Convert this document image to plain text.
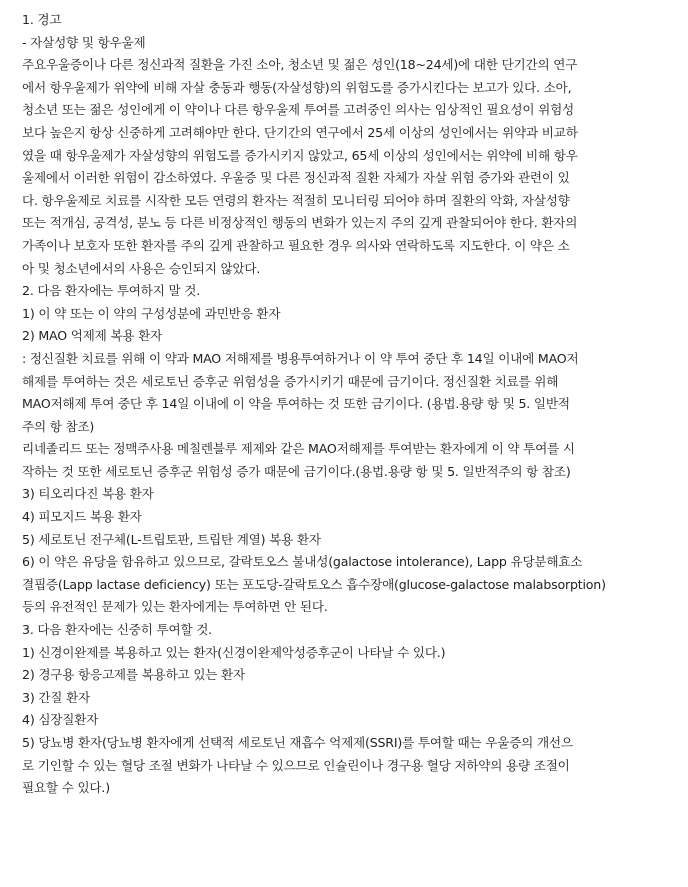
1. 경고
- 자살성향 및 항우울제
주요우울증이나 다른 정신과적 질환을 가진 소아, 청소년 및 젊은 성인(18~24세)에 대한 단기간의 연구
에서 항우울제가 위약에 비해 자살 충동과 행동(자살성향)의 위험도를 증가시킨다는 보고가 있다. 소아,
청소년 또는 젊은 성인에게 이 약이나 다른 항우울제 투여를 고려중인 의사는 임상적인 필요성이 위험성
보다 높은지 항상 신중하게 고려해야만 한다. 단기간의 연구에서 25세 이상의 성인에서는 위약과 비교하
였을 때 항우울제가 자살성향의 위험도를 증가시키지 않았고, 65세 이상의 성인에서는 위약에 비해 항우
울제에서 이러한 위험이 감소하였다. 우울증 및 다른 정신과적 질환 자체가 자살 위험 증가와 관련이 있
다. 항우울제로 치료를 시작한 모든 연령의 환자는 적절히 모니터링 되어야 하며 질환의 악화, 자살성향
또는 적개심, 공격성, 분노 등 다른 비정상적인 행동의 변화가 있는지 주의 깊게 관찰되어야 한다. 환자의
가족이나 보호자 또한 환자를 주의 깊게 관찰하고 필요한 경우 의사와 연락하도록 지도한다. 이 약은 소
아 및 청소년에서의 사용은 승인되지 않았다.
2. 다음 환자에는 투여하지 말 것.
1) 이 약 또는 이 약의 구성성분에 과민반응 환자
2) MAO 억제제 복용 환자
: 정신질환 치료를 위해 이 약과 MAO 저해제를 병용투여하거나 이 약 투여 중단 후 14일 이내에 MAO저
해제를 투여하는 것은 세로토닌 증후군 위험성을 증가시키기 때문에 금기이다. 정신질환 치료를 위해
MAO저해제 투여 중단 후 14일 이내에 이 약을 투여하는 것 또한 금기이다. (용법.용량 항 및 5. 일반적
주의 항 참조)
리네졸리드 또는 정맥주사용 메칠렌블루 제제와 같은 MAO저해제를 투여받는 환자에게 이 약 투여를 시
작하는 것 또한 세로토닌 증후군 위험성 증가 때문에 금기이다.(용법.용량 항 및 5. 일반적주의 항 참조)
3) 티오리다진 복용 환자
4) 피모지드 복용 환자
5) 세로토닌 전구체(L-트립토판, 트립탄 계열) 복용 환자
6) 이 약은 유당을 함유하고 있으므로, 갈락토오스 불내성(galactose intolerance), Lapp 유당분해효소
결핍증(Lapp lactase deficiency) 또는 포도당-갈락토오스 흡수장애(glucose-galactose malabsorption)
등의 유전적인 문제가 있는 환자에게는 투여하면 안 된다.
3. 다음 환자에는 신중히 투여할 것.
1) 신경이완제를 복용하고 있는 환자(신경이완제악성증후군이 나타날 수 있다.)
2) 경구용 항응고제를 복용하고 있는 환자
3) 간질 환자
4) 심장질환자
5) 당뇨병 환자(당뇨병 환자에게 선택적 세로토닌 재흡수 억제제(SSRI)를 투여할 때는 우울증의 개선으
로 기인할 수 있는 혈당 조절 변화가 나타날 수 있으므로 인슐린이나 경구용 혈당 저하약의 용량 조절이
필요할 수 있다.)
